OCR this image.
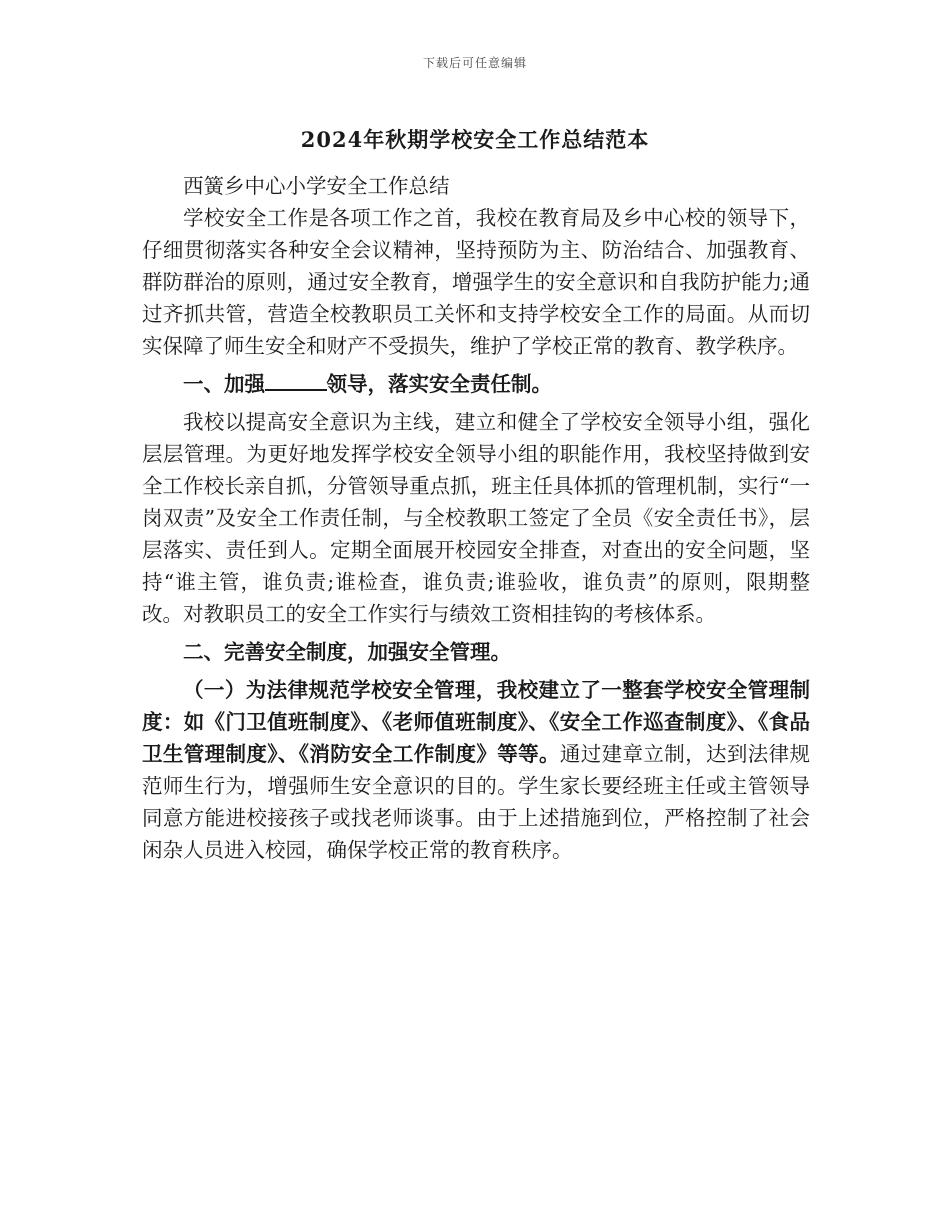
下载后可任意编辑
2024年秋期学校安全工作总结范本

西簧乡中心小学安全工作总结

学校安全工作是各项工作之首，我校在教育局及乡中心校的领导下，仔细贯彻落实各种安全会议精神，坚持预防为主、防治结合、加强教育、群防群治的原则，通过安全教育，增强学生的安全意识和自我防护能力;通过齐抓共管，营造全校教职员工关怀和支持学校安全工作的局面。从而切实保障了师生安全和财产不受损失，维护了学校正常的教育、教学秩序。

一、加强	领导，落实安全责任制。

我校以提高安全意识为主线，建立和健全了学校安全领导小组，强化层层管理。为更好地发挥学校安全领导小组的职能作用，我校坚持做到安全工作校长亲自抓，分管领导重点抓，班主任具体抓的管理机制，实行“一岗双责”及安全工作责任制，与全校教职工签定了全员《安全责任书》，层层落实、责任到人。定期全面展开校园安全排查，对查出的安全问题，坚持“谁主管，谁负责;谁检查，谁负责;谁验收，谁负责”的原则，限期整改。对教职员工的安全工作实行与绩效工资相挂钩的考核体系。

二、完善安全制度，加强安全管理。

（一）为法律规范学校安全管理，我校建立了一整套学校安全管理制度：如《门卫值班制度》、《老师值班制度》、《安全工作巡查制度》、《食品卫生管理制度》、《消防安全工作制度》等等。通过建章立制，达到法律规范师生行为，增强师生安全意识的目的。学生家长要经班主任或主管领导同意方能进校接孩子或找老师谈事。由于上述措施到位，严格控制了社会闲杂人员进入校园，确保学校正常的教育秩序。
